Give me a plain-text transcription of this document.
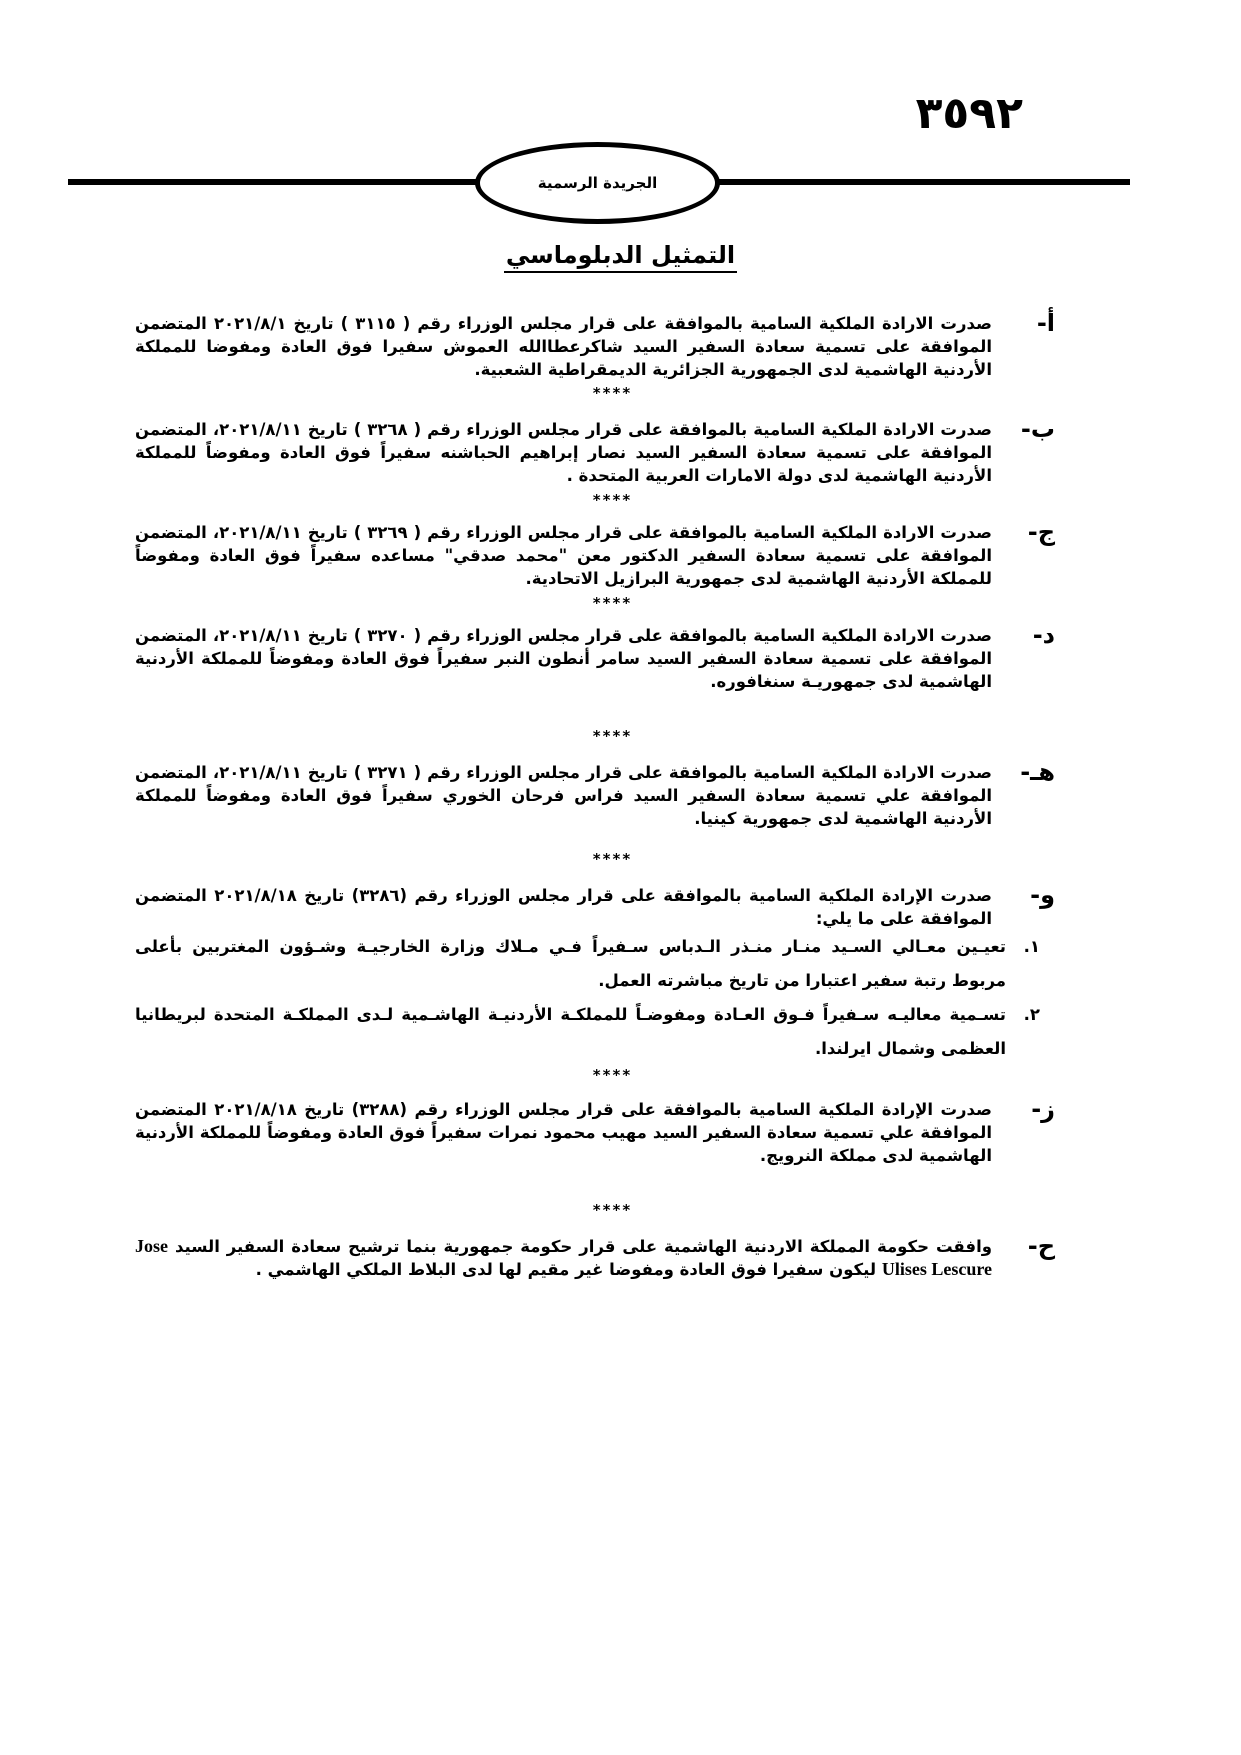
٣٥٩٢
الجريدة الرسمية
التمثيل الدبلوماسي
أ-

صدرت الارادة الملكية السامية بالموافقة على قرار مجلس الوزراء رقم ( ٣١١٥ ) تاريخ ٢٠٢١/٨/١ المتضمن الموافقة على تسمية سعادة السفير السيد شاكرعطاالله العموش سفيرا فوق العادة ومفوضا للمملكة الأردنية الهاشمية لدى الجمهورية الجزائرية الديمقراطية الشعبية.

****
ب-

صدرت الارادة الملكية السامية بالموافقة على قرار مجلس الوزراء رقم ( ٣٢٦٨ ) تاريخ ٢٠٢١/٨/١١، المتضمن الموافقة على تسمية سعادة السفير السيد نصار إبراهيم الحباشنه سفيراً فوق العادة ومفوضاً للمملكة الأردنية الهاشمية لدى دولة الامارات العربية المتحدة .

****
ج-

صدرت الارادة الملكية السامية بالموافقة على قرار مجلس الوزراء رقم ( ٣٢٦٩ ) تاريخ ٢٠٢١/٨/١١، المتضمن الموافقة على تسمية سعادة السفير الدكتور معن "محمد صدقي" مساعده سفيراً فوق العادة ومفوضاً للمملكة الأردنية الهاشمية لدى جمهورية البرازيل الاتحادية.

****
د-

صدرت الارادة الملكية السامية بالموافقة على قرار مجلس الوزراء رقم ( ٣٢٧٠ ) تاريخ ٢٠٢١/٨/١١، المتضمن الموافقة على تسمية سعادة السفير السيد سامر أنطون النبر سفيراً فوق العادة ومفوضاً للمملكة الأردنية الهاشمية لدى جمهوريـة سنغافوره.

****
هـ-

صدرت الارادة الملكية السامية بالموافقة على قرار مجلس الوزراء رقم ( ٣٢٧١ ) تاريخ ٢٠٢١/٨/١١، المتضمن الموافقة علي تسمية سعادة السفير السيد فراس فرحان الخوري سفيراً فوق العادة ومفوضاً للمملكة الأردنية الهاشمية لدى جمهورية كينيا.

****
و-

صدرت الإرادة الملكية السامية بالموافقة على قرار مجلس الوزراء رقم (٣٢٨٦) تاريخ ٢٠٢١/٨/١٨ المتضمن الموافقة على ما يلي:

١.
تعيـين معـالي السـيد منـار منـذر الـدباس سـفيراً فـي مـلاك وزارة الخارجيـة وشـؤون المغتربين بأعلى مربوط رتبة سفير اعتبارا من تاريخ مباشرته العمل.
٢.
تسـمية معاليـه سـفيراً فـوق العـادة ومفوضـاً للمملكـة الأردنيـة الهاشـمية لـدى المملكـة المتحدة لبريطانيا العظمى وشمال ايرلندا.
****
ز-

صدرت الإرادة الملكية السامية بالموافقة على قرار مجلس الوزراء رقم (٣٢٨٨) تاريخ ٢٠٢١/٨/١٨ المتضمن الموافقة علي تسمية سعادة السفير السيد مهيب محمود نمرات سفيراً فوق العادة ومفوضاً للمملكة الأردنية الهاشمية لدى مملكة النرويج.

****
ح-

وافقت حكومة المملكة الاردنية الهاشمية على قرار حكومة جمهورية بنما ترشيح سعادة السفير السيد Jose Ulises Lescure ليكون سفيرا فوق العادة ومفوضا غير مقيم لها لدى البلاط الملكي الهاشمي .
